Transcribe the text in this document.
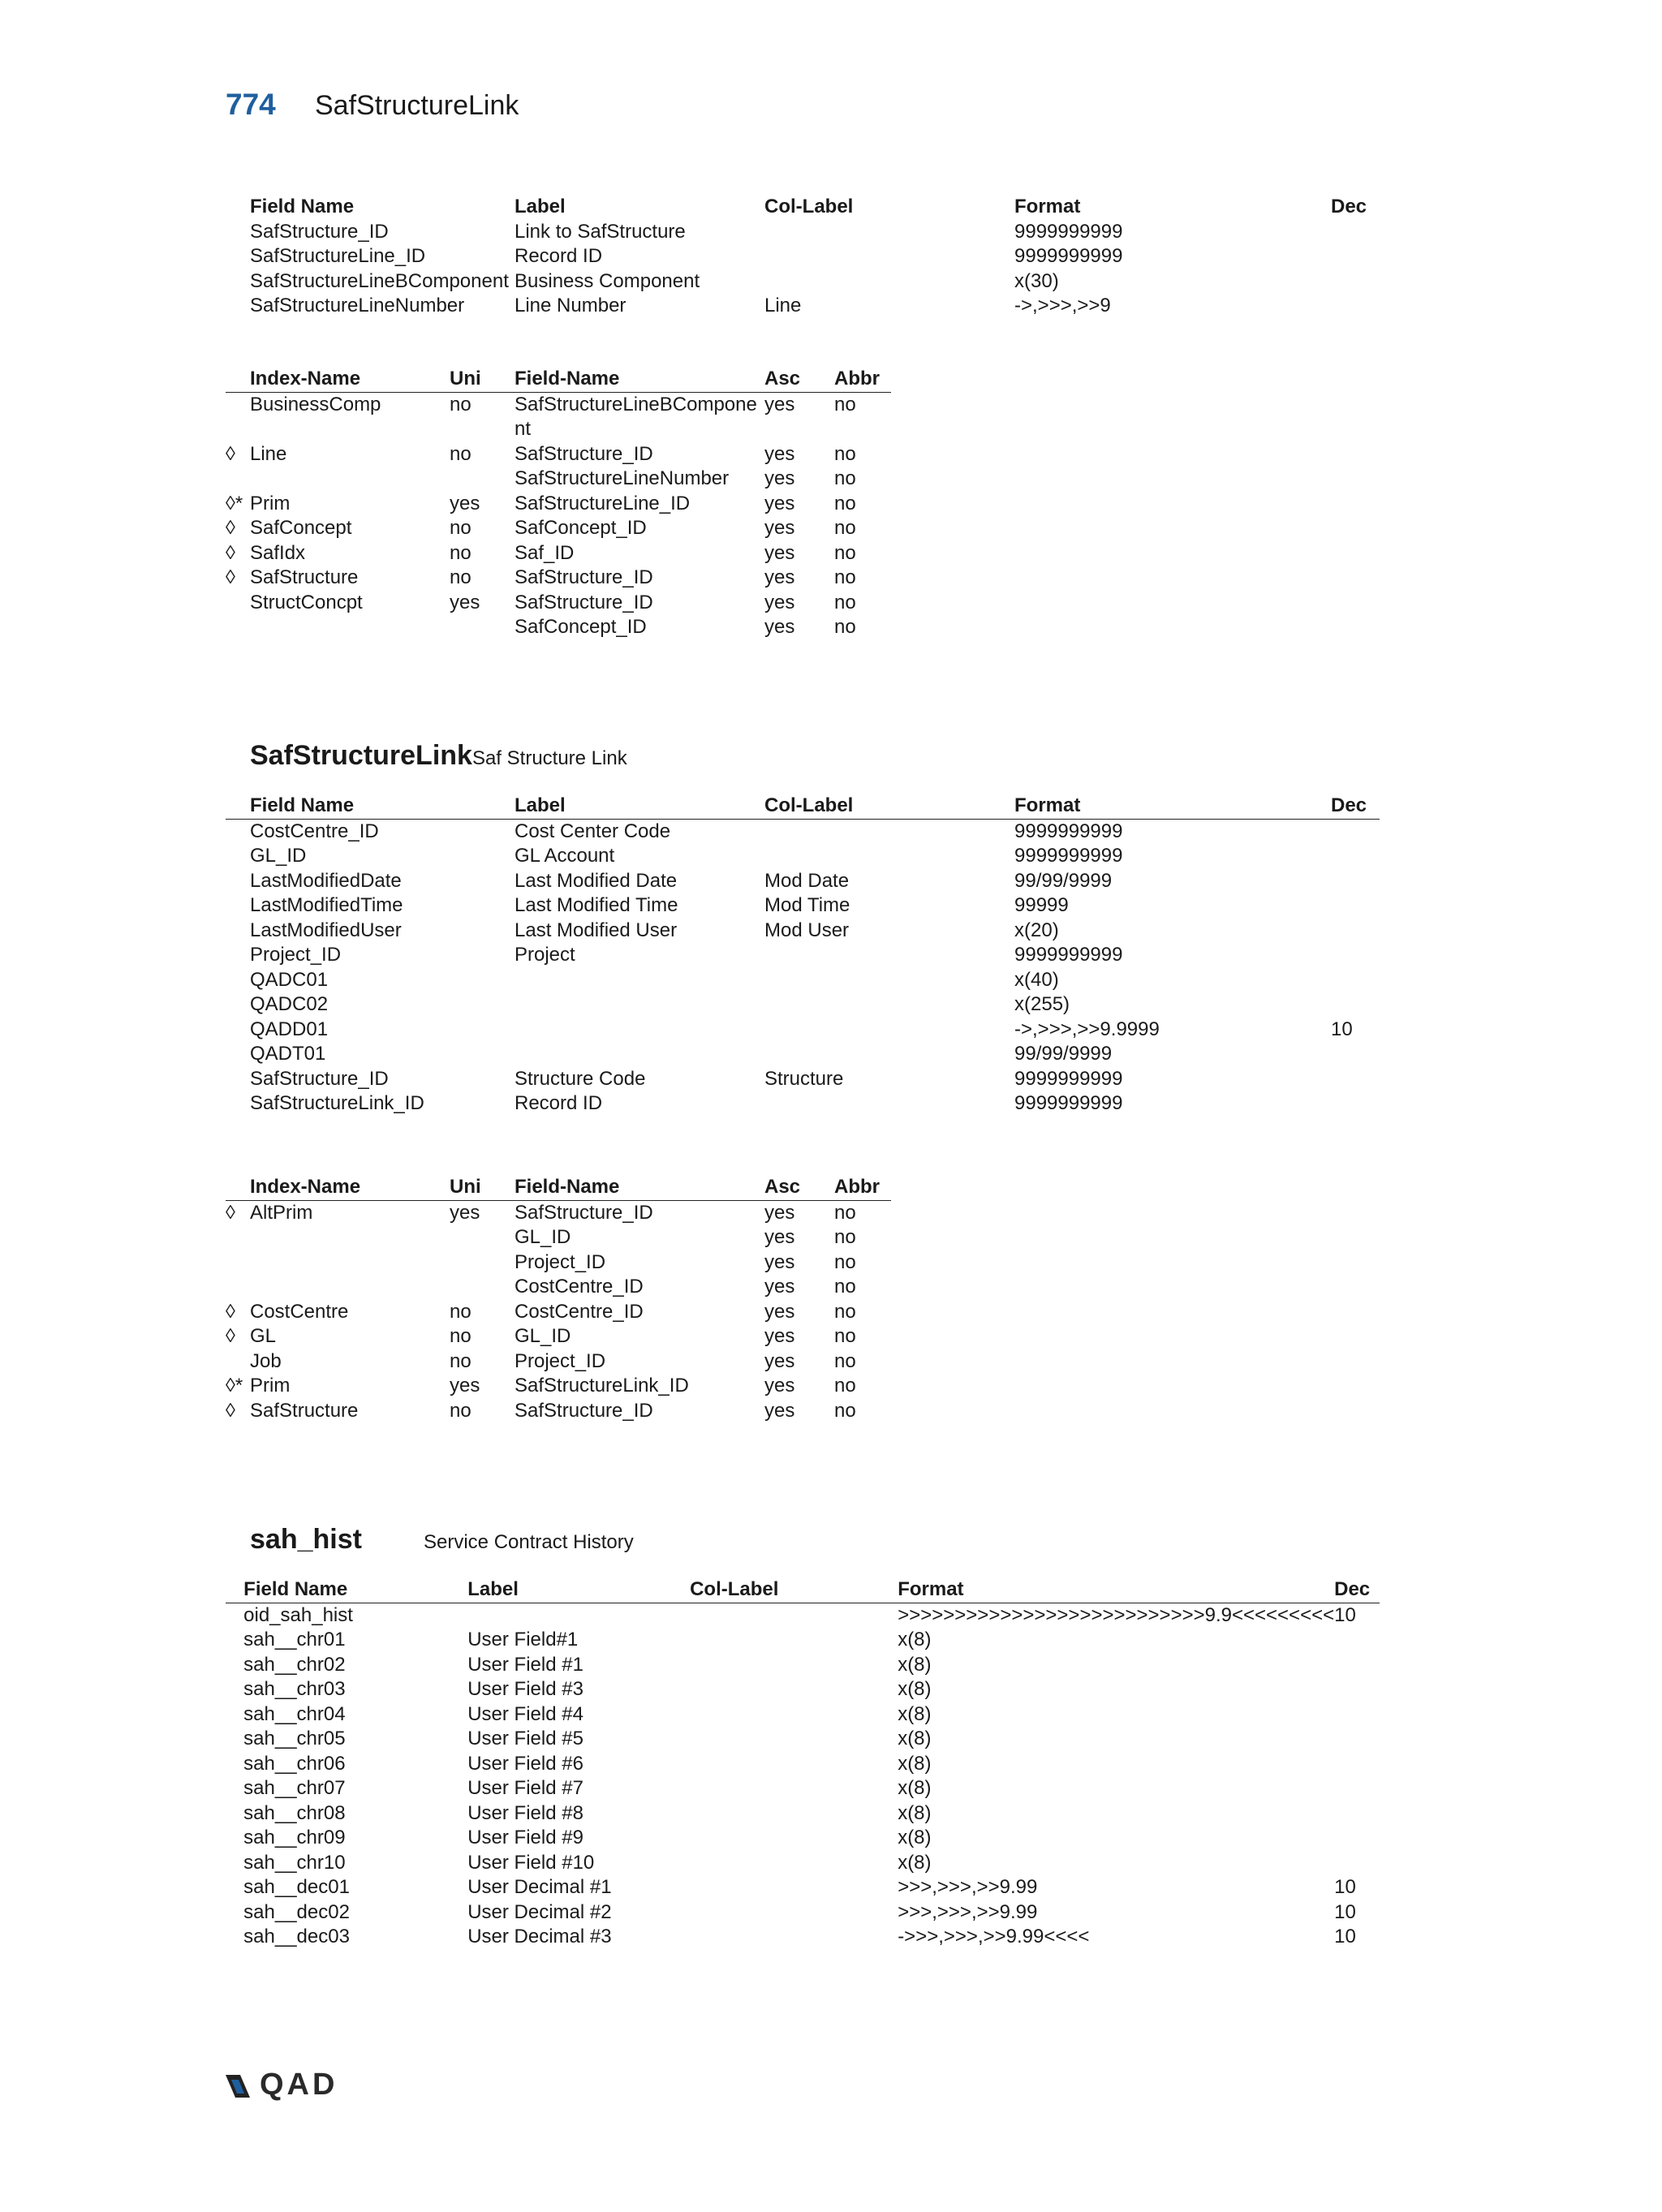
774	SafStructureLink
Field Name	Label	Col-Label	Format	Dec
SafStructure_ID	Link to SafStructure		9999999999	
SafStructureLine_ID	Record ID		9999999999	
SafStructureLineBComponent	Business Component		x(30)	
SafStructureLineNumber	Line Number	Line	->,>>>,>>9	
	Index-Name	Uni	Field-Name	Asc	Abbr
	BusinessComp	no	SafStructureLineBComponent	yes	no
◊	Line	no	SafStructure_ID	yes	no
			SafStructureLineNumber	yes	no
◊*	Prim	yes	SafStructureLine_ID	yes	no
◊	SafConcept	no	SafConcept_ID	yes	no
◊	SafIdx	no	Saf_ID	yes	no
◊	SafStructure	no	SafStructure_ID	yes	no
	StructConcpt	yes	SafStructure_ID	yes	no
			SafConcept_ID	yes	no
SafStructureLink Saf Structure Link
	Field Name	Label	Col-Label	Format	Dec
	CostCentre_ID	Cost Center Code		9999999999	
	GL_ID	GL Account		9999999999	
	LastModifiedDate	Last Modified Date	Mod Date	99/99/9999	
	LastModifiedTime	Last Modified Time	Mod Time	99999	
	LastModifiedUser	Last Modified User	Mod User	x(20)	
	Project_ID	Project		9999999999	
	QADC01			x(40)	
	QADC02			x(255)	
	QADD01			->,>>>,>>9.9999	10
	QADT01			99/99/9999	
	SafStructure_ID	Structure Code	Structure	9999999999	
	SafStructureLink_ID	Record ID		9999999999	
	Index-Name	Uni	Field-Name	Asc	Abbr
◊	AltPrim	yes	SafStructure_ID	yes	no
			GL_ID	yes	no
			Project_ID	yes	no
			CostCentre_ID	yes	no
◊	CostCentre	no	CostCentre_ID	yes	no
◊	GL	no	GL_ID	yes	no
	Job	no	Project_ID	yes	no
◊*	Prim	yes	SafStructureLink_ID	yes	no
◊	SafStructure	no	SafStructure_ID	yes	no
sah_hist	Service Contract History
	Field Name	Label	Col-Label	Format	Dec
	oid_sah_hist			>>>>>>>>>>>>>>>>>>>>>>>>>>>9.9<<<<<<<<<	10
	sah__chr01	User Field#1		x(8)	
	sah__chr02	User Field #1		x(8)	
	sah__chr03	User Field #3		x(8)	
	sah__chr04	User Field #4		x(8)	
	sah__chr05	User Field #5		x(8)	
	sah__chr06	User Field #6		x(8)	
	sah__chr07	User Field #7		x(8)	
	sah__chr08	User Field #8		x(8)	
	sah__chr09	User Field #9		x(8)	
	sah__chr10	User Field #10		x(8)	
	sah__dec01	User Decimal #1		>>>,>>>,>>9.99	10
	sah__dec02	User Decimal #2		>>>,>>>,>>9.99	10
	sah__dec03	User Decimal #3		->>>,>>>,>>9.99<<<<	10
QAD
